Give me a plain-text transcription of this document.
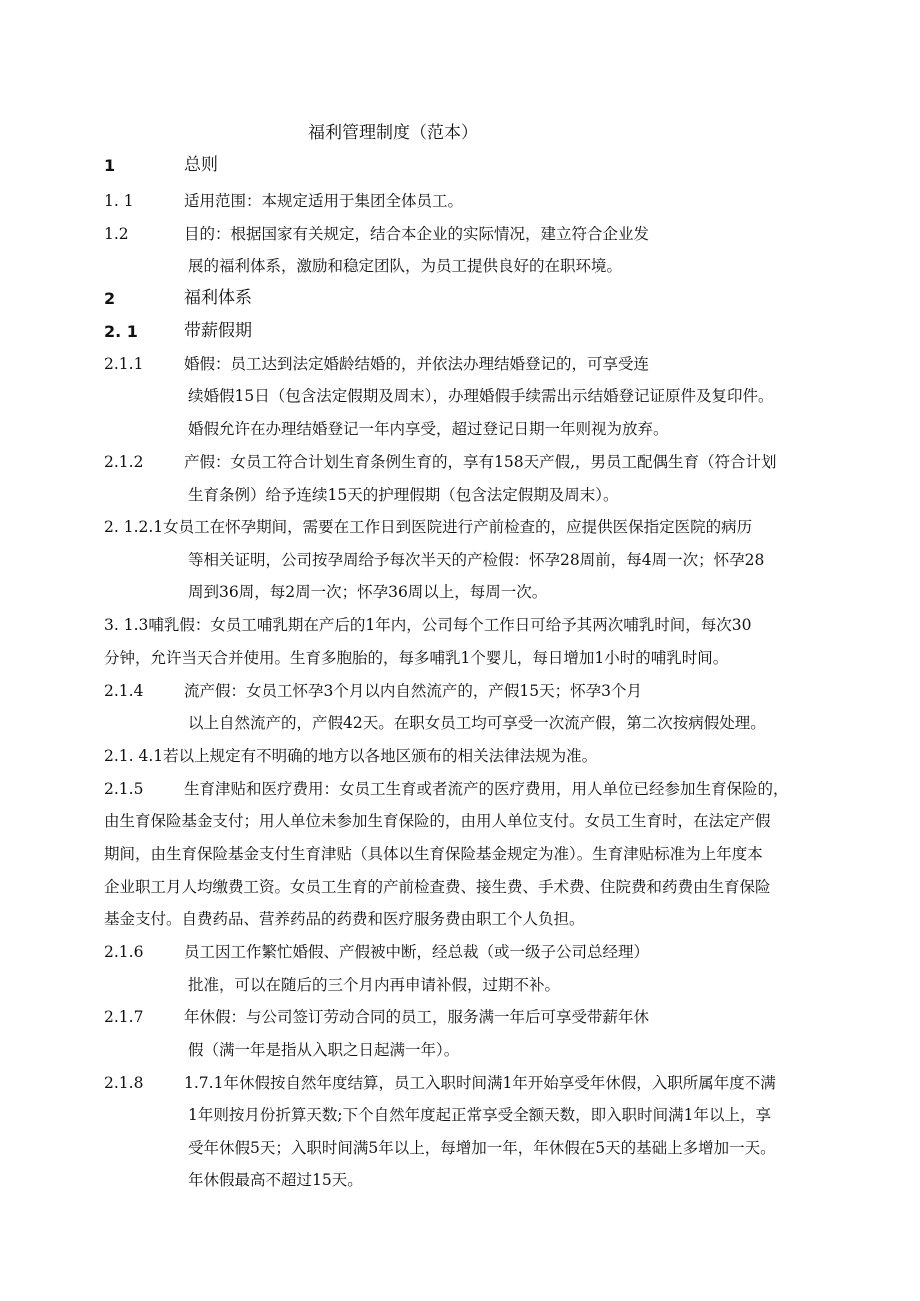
福利管理制度（范本）
1	总则
1. 1	适用范围：本规定适用于集团全体员工。
1.2	目的：根据国家有关规定，结合本企业的实际情况，建立符合企业发
展的福利体系，激励和稳定团队，为员工提供良好的在职环境。
2	福利体系
2. 1	带薪假期
2.1.1	婚假：员工达到法定婚龄结婚的，并依法办理结婚登记的，可享受连
续婚假15日（包含法定假期及周末），办理婚假手续需出示结婚登记证原件及复印件。
婚假允许在办理结婚登记一年内享受，超过登记日期一年则视为放弃。
2.1.2	产假：女员工符合计划生育条例生育的，享有158天产假,，男员工配偶生育（符合计划
生育条例）给予连续15天的护理假期（包含法定假期及周末）。
2. 1.2.1女员工在怀孕期间，需要在工作日到医院进行产前检查的，应提供医保指定医院的病历
等相关证明，公司按孕周给予每次半天的产检假：怀孕28周前，每4周一次；怀孕28
周到36周，每2周一次；怀孕36周以上，每周一次。
3. 1.3哺乳假：女员工哺乳期在产后的1年内，公司每个工作日可给予其两次哺乳时间，每次30
分钟，允许当天合并使用。生育多胞胎的，每多哺乳1个婴儿，每日增加1小时的哺乳时间。
2.1.4	流产假：女员工怀孕3个月以内自然流产的，产假15天；怀孕3个月
以上自然流产的，产假42天。在职女员工均可享受一次流产假，第二次按病假处理。
2.1. 4.1若以上规定有不明确的地方以各地区颁布的相关法律法规为准。
2.1.5	生育津贴和医疗费用：女员工生育或者流产的医疗费用，用人单位已经参加生育保险的，
由生育保险基金支付；用人单位未参加生育保险的，由用人单位支付。女员工生育时，在法定产假
期间，由生育保险基金支付生育津贴（具体以生育保险基金规定为准）。生育津贴标准为上年度本
企业职工月人均缴费工资。女员工生育的产前检查费、接生费、手术费、住院费和药费由生育保险
基金支付。自费药品、营养药品的药费和医疗服务费由职工个人负担。
2.1.6	员工因工作繁忙婚假、产假被中断，经总裁（或一级子公司总经理）
批准，可以在随后的三个月内再申请补假，过期不补。
2.1.7	年休假：与公司签订劳动合同的员工，服务满一年后可享受带薪年休
假（满一年是指从入职之日起满一年）。
2.1.8	1.7.1年休假按自然年度结算，员工入职时间满1年开始享受年休假，入职所属年度不满
1年则按月份折算天数;下个自然年度起正常享受全额天数，即入职时间满1年以上，享
受年休假5天；入职时间满5年以上，每增加一年，年休假在5天的基础上多增加一天。
年休假最高不超过15天。
